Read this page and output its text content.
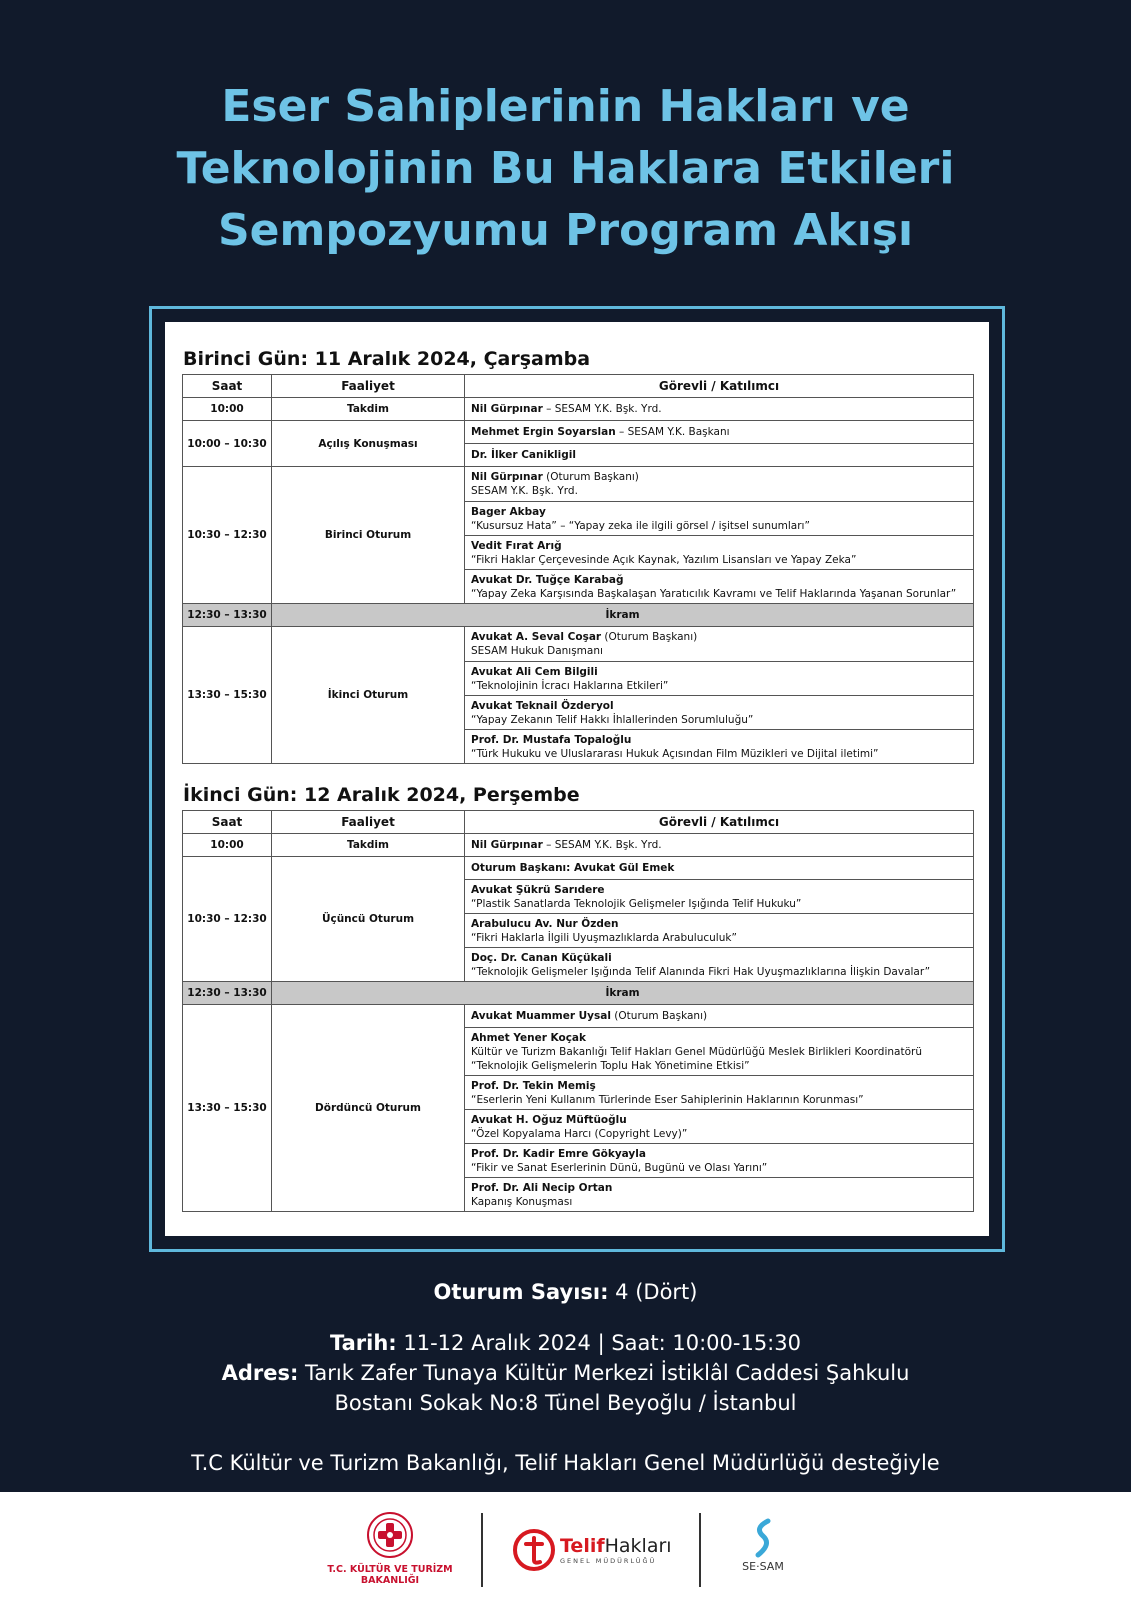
Eser Sahiplerinin Hakları ve
Teknolojinin Bu Haklara Etkileri
Sempozyumu Program Akışı
Birinci Gün: 11 Aralık 2024, Çarşamba
Saat	Faaliyet	Görevli / Katılımcı
10:00	Takdim	Nil Gürpınar – SESAM Y.K. Bşk. Yrd.
10:00 – 10:30	Açılış Konuşması	Mehmet Ergin Soyarslan – SESAM Y.K. Başkanı
		Dr. İlker Canikligil
10:30 – 12:30	Birinci Oturum	Nil Gürpınar (Oturum Başkanı)
SESAM Y.K. Bşk. Yrd.

		Bager Akbay
“Kusursuz Hata” – “Yapay zeka ile ilgili görsel / işitsel sunumları”

		Vedit Fırat Arığ
“Fikri Haklar Çerçevesinde Açık Kaynak, Yazılım Lisansları ve Yapay Zeka”

		Avukat Dr. Tuğçe Karabağ
“Yapay Zeka Karşısında Başkalaşan Yaratıcılık Kavramı ve Telif Haklarında Yaşanan Sorunlar”

12:30 – 13:30	İkram	
13:30 – 15:30	İkinci Oturum	Avukat A. Seval Coşar (Oturum Başkanı)
SESAM Hukuk Danışmanı

		Avukat Ali Cem Bilgili
“Teknolojinin İcracı Haklarına Etkileri”

		Avukat Teknail Özderyol
“Yapay Zekanın Telif Hakkı İhlallerinden Sorumluluğu”

		Prof. Dr. Mustafa Topaloğlu
“Türk Hukuku ve Uluslararası Hukuk Açısından Film Müzikleri ve Dijital iletimi”
İkinci Gün: 12 Aralık 2024, Perşembe
Saat	Faaliyet	Görevli / Katılımcı
10:00	Takdim	Nil Gürpınar – SESAM Y.K. Bşk. Yrd.
10:30 – 12:30	Üçüncü Oturum	Oturum Başkanı: Avukat Gül Emek

		Avukat Şükrü Sarıdere
“Plastik Sanatlarda Teknolojik Gelişmeler Işığında Telif Hukuku”

		Arabulucu Av. Nur Özden
“Fikri Haklarla İlgili Uyuşmazlıklarda Arabuluculuk”

		Doç. Dr. Canan Küçükali
“Teknolojik Gelişmeler Işığında Telif Alanında Fikri Hak Uyuşmazlıklarına İlişkin Davalar”

12:30 – 13:30	İkram	
13:30 – 15:30	Dördüncü Oturum	Avukat Muammer Uysal (Oturum Başkanı)

		Ahmet Yener Koçak
Kültür ve Turizm Bakanlığı Telif Hakları Genel Müdürlüğü Meslek Birlikleri Koordinatörü
“Teknolojik Gelişmelerin Toplu Hak Yönetimine Etkisi”

		Prof. Dr. Tekin Memiş
“Eserlerin Yeni Kullanım Türlerinde Eser Sahiplerinin Haklarının Korunması”

		Avukat H. Oğuz Müftüoğlu
“Özel Kopyalama Harcı (Copyright Levy)”

		Prof. Dr. Kadir Emre Gökyayla
“Fikir ve Sanat Eserlerinin Dünü, Bugünü ve Olası Yarını”

		Prof. Dr. Ali Necip Ortan
Kapanış Konuşması
Oturum Sayısı: 4 (Dört)
Tarih: 11-12 Aralık 2024 | Saat: 10:00-15:30
Adres: Tarık Zafer Tunaya Kültür Merkezi İstiklâl Caddesi Şahkulu
Bostanı Sokak No:8 Tünel Beyoğlu / İstanbul
T.C Kültür ve Turizm Bakanlığı, Telif Hakları Genel Müdürlüğü desteğiyle
T.C. KÜLTÜR VE TURİZM
BAKANLIĞI
TelifHakları
GENEL MÜDÜRLÜĞÜ	SE·SAM
